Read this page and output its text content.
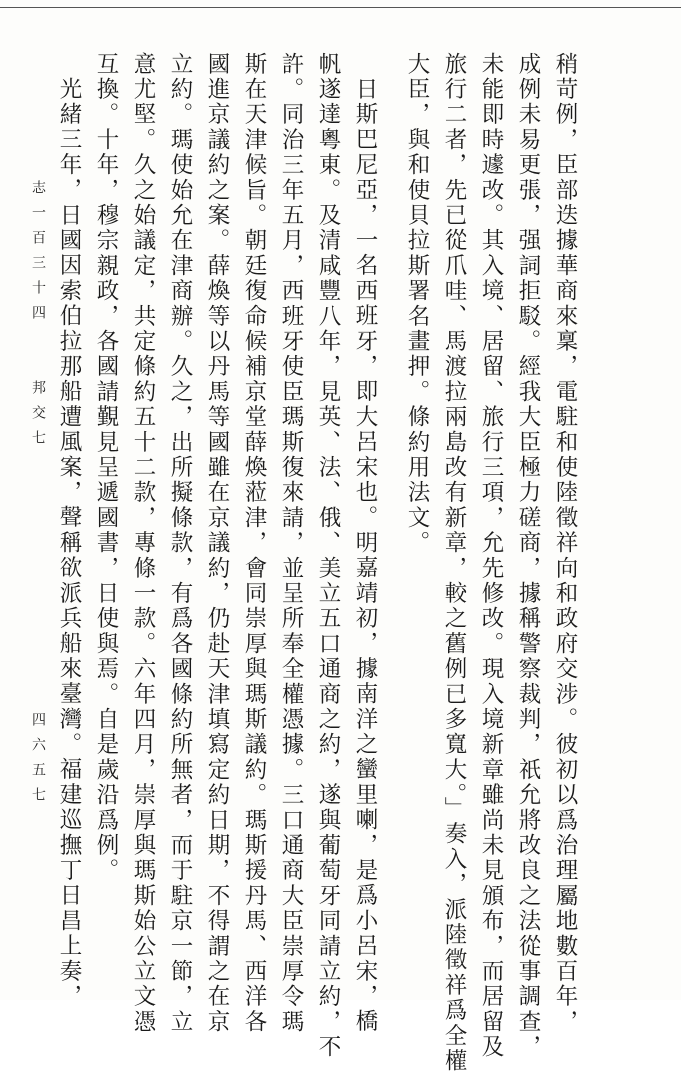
稍苛例，臣部迭據華商來稟，電駐和使陸徵祥向和政府交涉。彼初以爲治理屬地數百年，
成例未易更張，强詞拒駁。經我大臣極力磋商，據稱警察裁判，祇允將改良之法從事調查，
未能即時遽改。其入境、居留、旅行三項，允先修改。現入境新章雖尚未見頒布，而居留及
旅行二者，先已從爪哇、馬渡拉兩島改有新章，較之舊例已多寬大。」奏入，派陸徵祥爲全權
大臣，與和使貝拉斯署名畫押。條約用法文。
日斯巴尼亞，一名西班牙，即大呂宋也。明嘉靖初，據南洋之蠻里喇，是爲小呂宋，橋
帆遂達粵東。及清咸豐八年，見英、法、俄、美立五口通商之約，遂與葡萄牙同請立約，不
許。同治三年五月，西班牙使臣瑪斯復來請，並呈所奉全權憑據。三口通商大臣崇厚令瑪
斯在天津候旨。朝廷復命候補京堂薛煥蒞津，會同崇厚與瑪斯議約。瑪斯援丹馬、西洋各
國進京議約之案。薛煥等以丹馬等國雖在京議約，仍赴天津填寫定約日期，不得謂之在京
立約。瑪使始允在津商辦。久之，出所擬條款，有爲各國條約所無者，而于駐京一節，立
意尤堅。久之始議定，共定條約五十二款，專條一款。六年四月，崇厚與瑪斯始公立文憑
互換。十年，穆宗親政，各國請覲見呈遞國書，日使與焉。自是歲沿爲例。
光緒三年，日國因索伯拉那船遭風案，聲稱欲派兵船來臺灣。福建巡撫丁日昌上奏，
志一百三十四　　邦交七
四六五七
